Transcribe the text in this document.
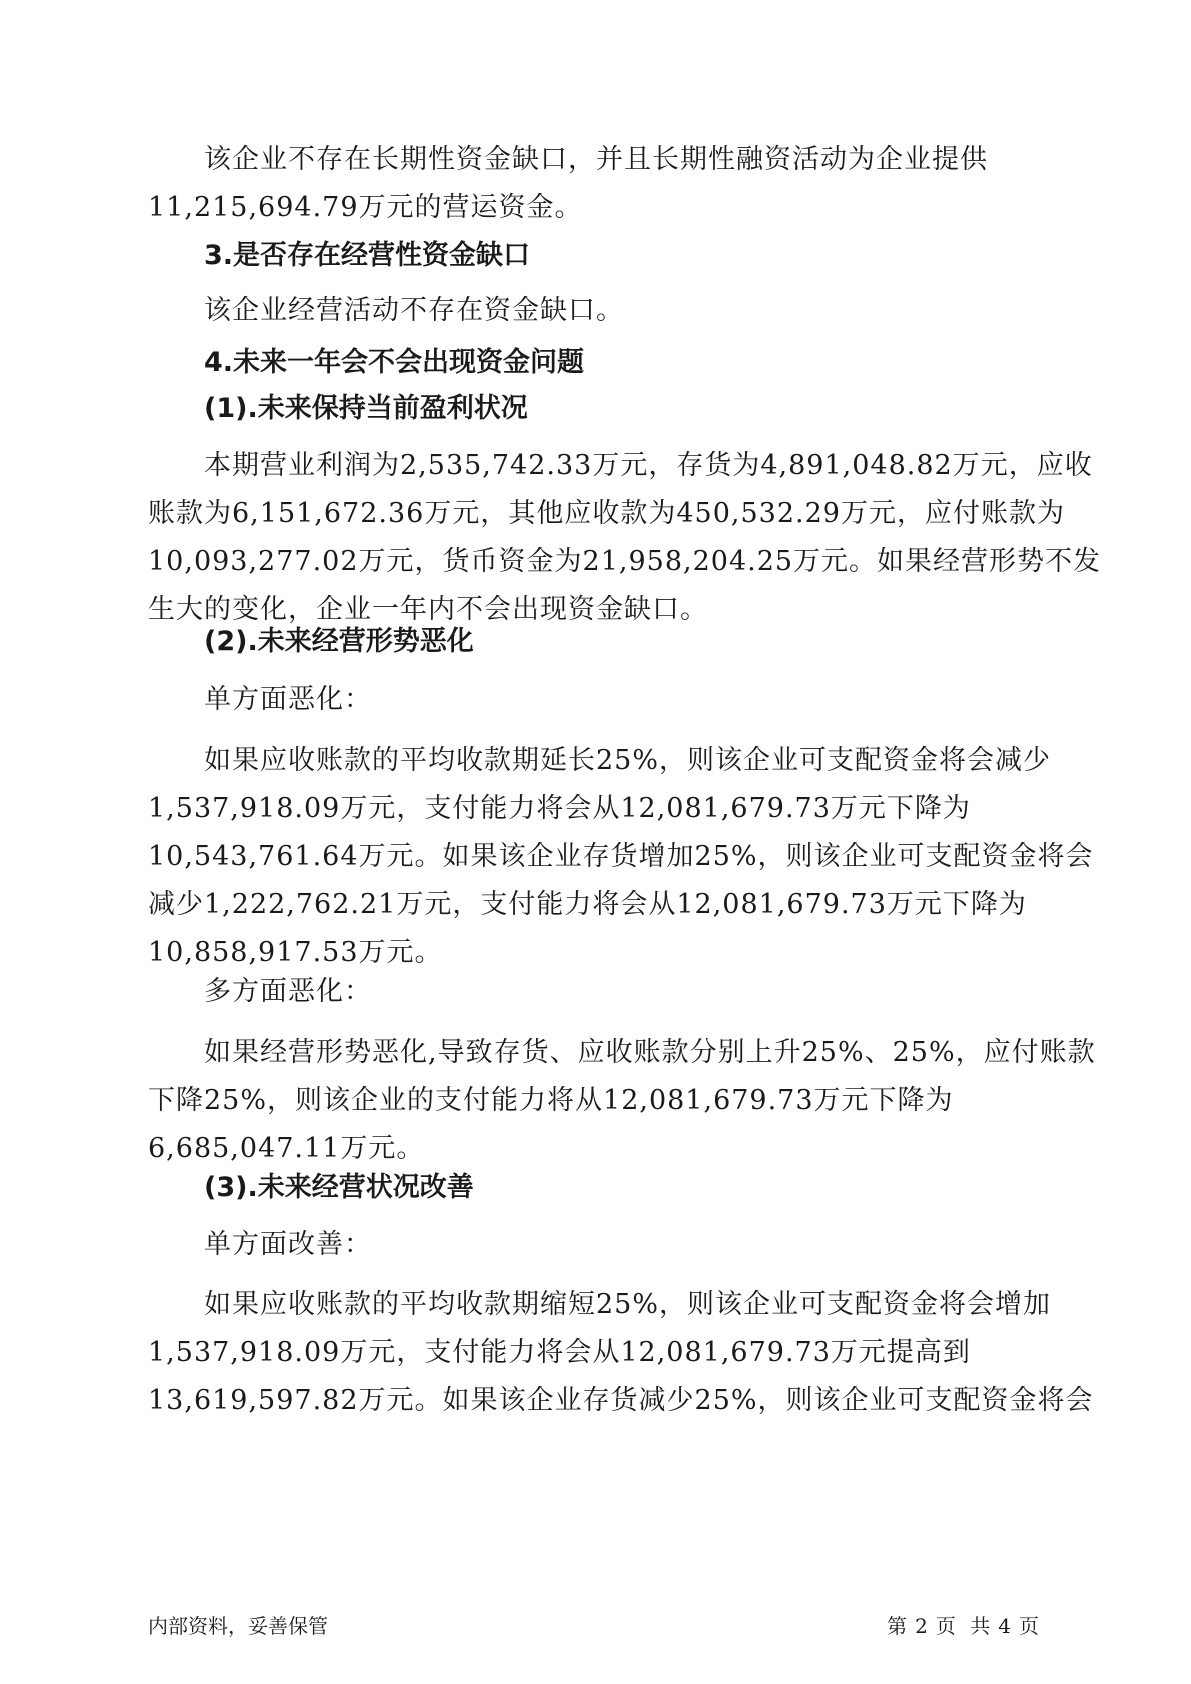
该企业不存在长期性资金缺口，并且长期性融资活动为企业提供
11,215,694.79万元的营运资金。
3.是否存在经营性资金缺口
该企业经营活动不存在资金缺口。
4.未来一年会不会出现资金问题
(1).未来保持当前盈利状况
本期营业利润为2,535,742.33万元，存货为4,891,048.82万元，应收
账款为6,151,672.36万元，其他应收款为450,532.29万元，应付账款为
10,093,277.02万元，货币资金为21,958,204.25万元。如果经营形势不发
生大的变化，企业一年内不会出现资金缺口。
(2).未来经营形势恶化
单方面恶化：
如果应收账款的平均收款期延长25%，则该企业可支配资金将会减少
1,537,918.09万元，支付能力将会从12,081,679.73万元下降为
10,543,761.64万元。如果该企业存货增加25%，则该企业可支配资金将会
减少1,222,762.21万元，支付能力将会从12,081,679.73万元下降为
10,858,917.53万元。
多方面恶化：
如果经营形势恶化,导致存货、应收账款分别上升25%、25%，应付账款
下降25%，则该企业的支付能力将从12,081,679.73万元下降为
6,685,047.11万元。
(3).未来经营状况改善
单方面改善：
如果应收账款的平均收款期缩短25%，则该企业可支配资金将会增加
1,537,918.09万元，支付能力将会从12,081,679.73万元提高到
13,619,597.82万元。如果该企业存货减少25%，则该企业可支配资金将会
内部资料，妥善保管	第 2 页 共 4 页
